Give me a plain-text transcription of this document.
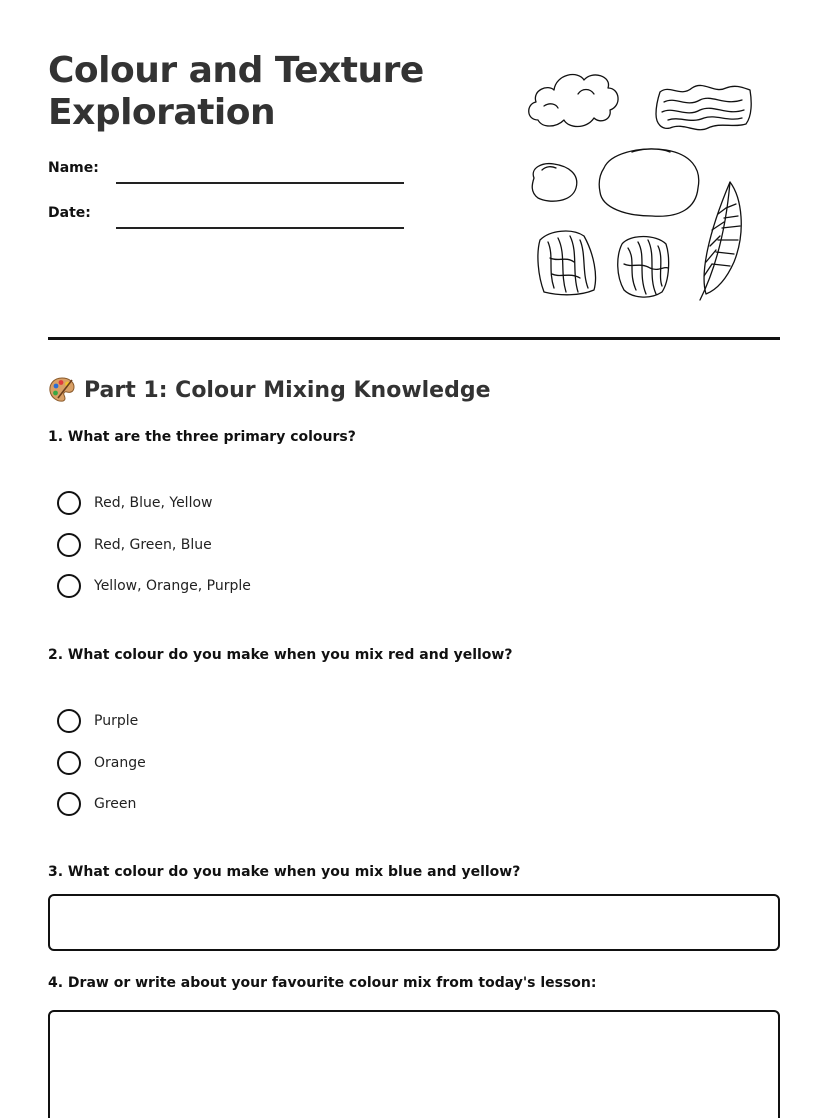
Colour and Texture
Exploration
Name:
Date:
Part 1: Colour Mixing Knowledge
1. What are the three primary colours?
Red, Blue, Yellow
Red, Green, Blue
Yellow, Orange, Purple
2. What colour do you make when you mix red and yellow?
Purple
Orange
Green
3. What colour do you make when you mix blue and yellow?
4. Draw or write about your favourite colour mix from today's lesson:
